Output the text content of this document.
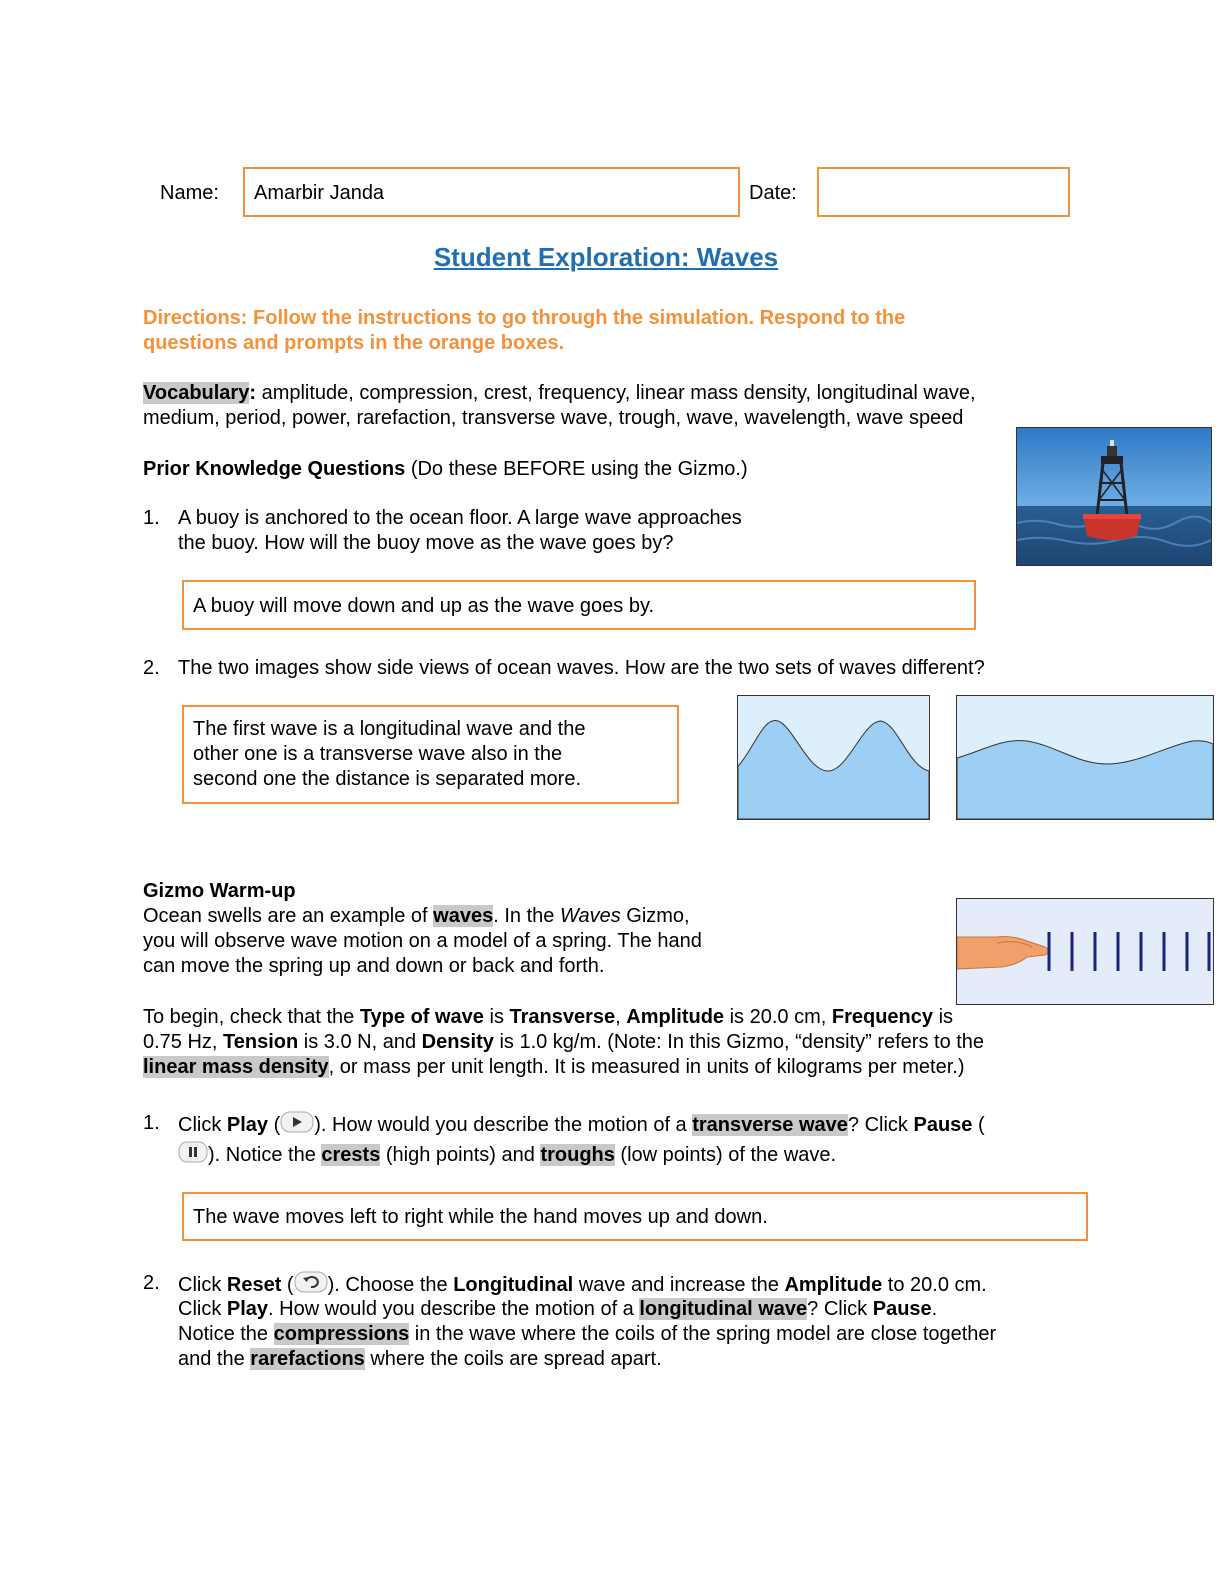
Name:	Amarbir Janda	Date:
Student Exploration: Waves
Directions: Follow the instructions to go through the simulation. Respond to the
questions and prompts in the orange boxes.
Vocabulary: amplitude, compression, crest, frequency, linear mass density, longitudinal wave,
medium, period, power, rarefaction, transverse wave, trough, wave, wavelength, wave speed
Prior Knowledge Questions (Do these BEFORE using the Gizmo.)
1. A buoy is anchored to the ocean floor. A large wave approaches
the buoy. How will the buoy move as the wave goes by?
A buoy will move down and up as the wave goes by.
2. The two images show side views of ocean waves. How are the two sets of waves different?
The first wave is a longitudinal wave and the
other one is a transverse wave also in the
second one the distance is separated more.
Gizmo Warm-up
Ocean swells are an example of waves. In the Waves Gizmo,
you will observe wave motion on a model of a spring. The hand
can move the spring up and down or back and forth.
To begin, check that the Type of wave is Transverse, Amplitude is 20.0 cm, Frequency is
0.75 Hz, Tension is 3.0 N, and Density is 1.0 kg/m. (Note: In this Gizmo, “density” refers to the
linear mass density, or mass per unit length. It is measured in units of kilograms per meter.)
1. Click Play ( ). How would you describe the motion of a transverse wave? Click Pause (
). Notice the crests (high points) and troughs (low points) of the wave.
The wave moves left to right while the hand moves up and down.
2. Click Reset ( ). Choose the Longitudinal wave and increase the Amplitude to 20.0 cm.
Click Play. How would you describe the motion of a longitudinal wave? Click Pause.
Notice the compressions in the wave where the coils of the spring model are close together
and the rarefactions where the coils are spread apart.
